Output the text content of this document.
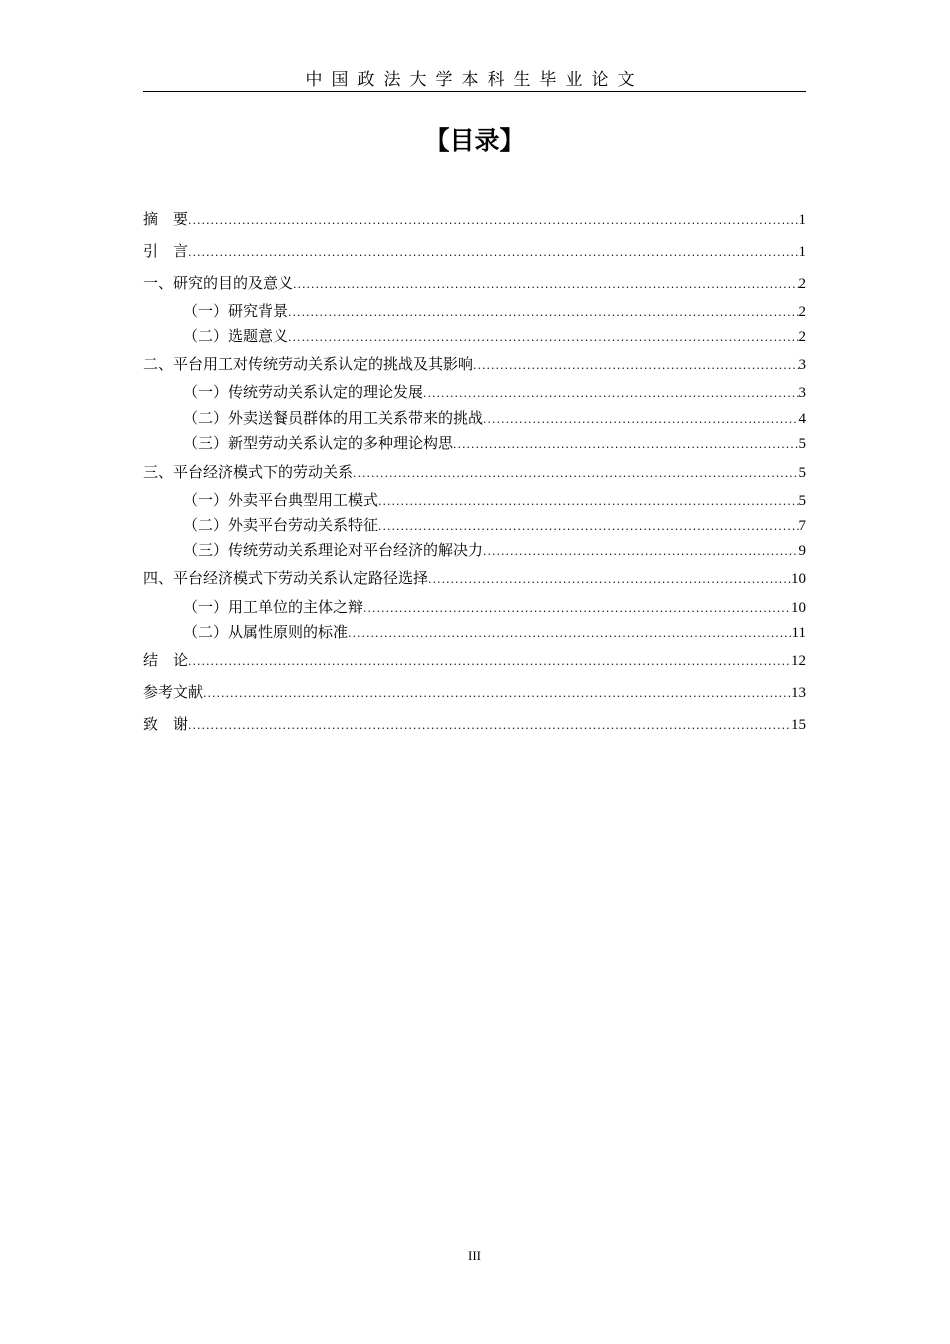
中国政法大学本科生毕业论文
【目录】
摘　要 .....	1
引　言 .....	1
一、研究的目的及意义 .....	2
（一）研究背景 .....	2
（二）选题意义 .....	2
二、平台用工对传统劳动关系认定的挑战及其影响 .....	3
（一）传统劳动关系认定的理论发展 .....	3
（二）外卖送餐员群体的用工关系带来的挑战 .....	4
（三）新型劳动关系认定的多种理论构思 .....	5
三、平台经济模式下的劳动关系 .....	5
（一）外卖平台典型用工模式 .....	5
（二）外卖平台劳动关系特征 .....	7
（三）传统劳动关系理论对平台经济的解决力 .....	9
四、平台经济模式下劳动关系认定路径选择 .....	10
（一）用工单位的主体之辩 .....	10
（二）从属性原则的标准 .....	11
结　论 .....	12
参考文献 .....	13
致　谢 .....	15
III
